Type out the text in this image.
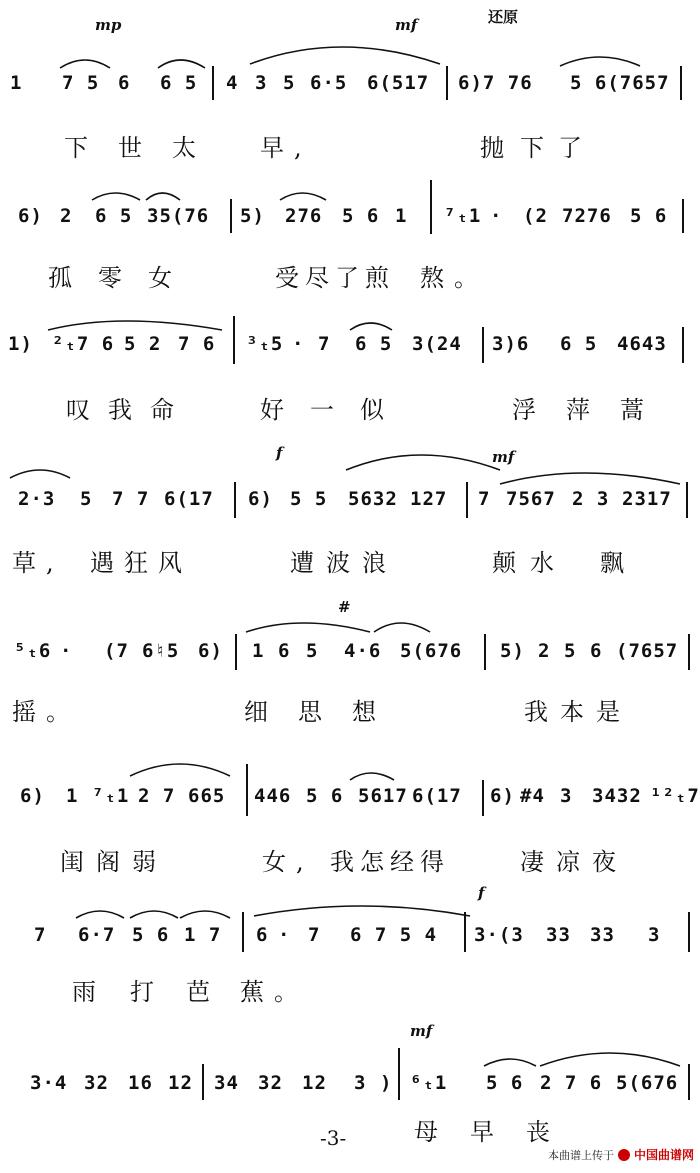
mp	mf	还原
1 7 5 6 6 5 4 3 5 6·5 6(517 6)7 76 5 6(7657
下 世 太 早,	抛 下 了
6) 2 6 5 35(76 5) 276 5 6 1 ⁷ₜ1 · (2 7276 5 6
孤 零 女	受
尽
了
煎 熬。
1) ²ₜ7 6 5 2 7 6 ³ₜ5 · 7 6 5 3(24 3)6 6 5 4643
叹 我 命	好 一 似	浮 萍 蒿
f	mf
2·3 5 7 7 6(17 6) 5 5 5632 127 7 7567 2 3 2317
草, 遇 狂 风	遭 波 浪	颠 水 飘
#
⁵ₜ6 · (7 6♮5 6) 1 6 5 4·6 5(676 5) 2 5 6 (7657
摇。	细 思 想	我 本 是
6) 1 ⁷ₜ1 2 7 665 446 5 6 5617 6(17 6) #4 3 3432 ¹²ₜ7
闺 阁 弱	女, 我
怎
经
得	凄 凉 夜
f
7 6·7 5 6 1 7 6 · 7 6 7 5 4 3·(3 33 33 3
雨 打 芭 蕉。
mf
3·4 32 16 12 34 32 12 3 ) ⁶ₜ1 5 6 2 7 6 5(676
母 早 丧
-3-
本曲谱上传于 中国曲谱网
